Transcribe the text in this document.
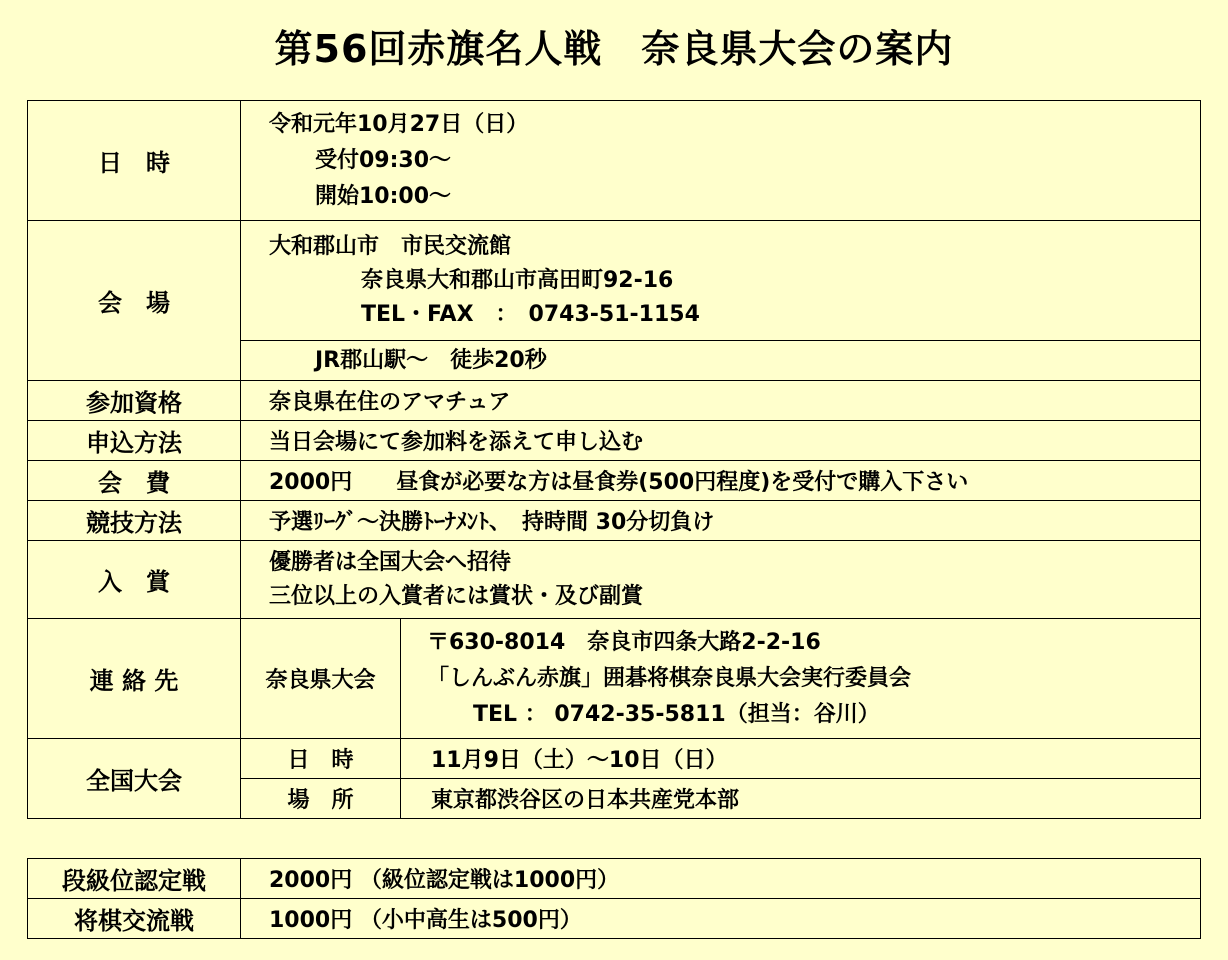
第56回赤旗名人戦　奈良県大会の案内
日　時	令和元年10月27日（日）
受付09:30～
開始10:00～	

会　場	大和郡山市　市民交流館
奈良県大和郡山市高田町92-16
TEL・FAX　：　0743-51-1154	

	JR郡山駅～　徒歩20秒	

参加資格	奈良県在住のアマチュア	
申込方法	当日会場にて参加料を添えて申し込む	
会　費	2000円　　昼食が必要な方は昼食券(500円程度)を受付で購入下さい	
競技方法	予選ﾘｰｸﾞ～決勝ﾄｰﾅﾒﾝﾄ、　持時間 30分切負け	
入　賞	優勝者は全国大会へ招待
三位以上の入賞者には賞状・及び副賞	

連 絡 先	奈良県大会	〒630-8014　奈良市四条大路2-2-16
「しんぶん赤旗」囲碁将棋奈良県大会実行委員会
TEL ： 0742-35-5811（担当：谷川）

全国大会	日　時	11月9日（土）～10日（日）
	場　所	東京都渋谷区の日本共産党本部
段級位認定戦	2000円 （級位認定戦は1000円）
将棋交流戦	1000円 （小中高生は500円）
